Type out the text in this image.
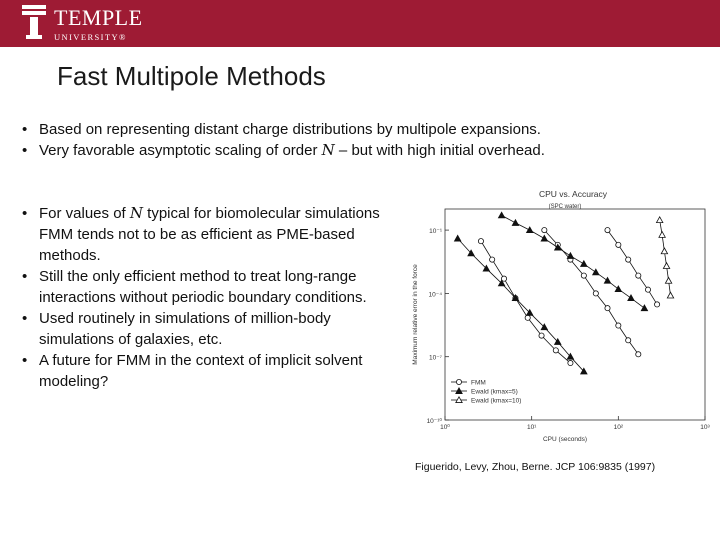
TEMPLE
UNIVERSITY®
Fast Multipole Methods
• Based on representing distant charge distributions by multipole expansions.
• Very favorable asymptotic scaling of order N – but with high initial overhead.
• For values of N typical for biomolecular simulations FMM tends not to be as efficient as PME-based methods.
• Still the only efficient method to treat long-range interactions without periodic boundary conditions.
• Used routinely in simulations of million-body simulations of galaxies, etc.
• A future for FMM in the context of implicit solvent modeling?
CPU vs. Accuracy
(SPC water)
10⁰	10¹	10²	10³
10⁻¹⁰
10⁻⁷
10⁻⁴
10⁻¹
CPU (seconds)
Maximum relative error in the force
FMM
Ewald (kmax=5)
Ewald (kmax=10)
Figuerido, Levy, Zhou, Berne. JCP 106:9835 (1997)
